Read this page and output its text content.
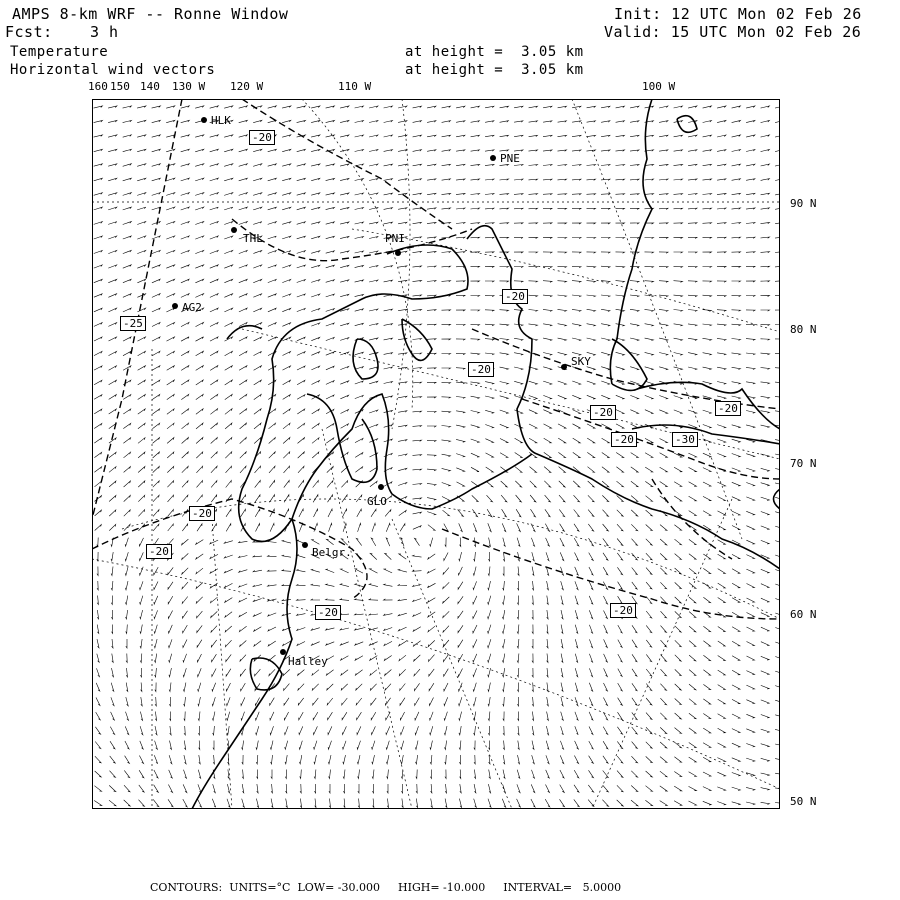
AMPS 8-km WRF -- Ronne Window
Fcst: 3 h
Init: 12 UTC Mon 02 Feb 26
Valid: 15 UTC Mon 02 Feb 26
Temperature	at height =  3.05 km
Horizontal wind vectors	at height =  3.05 km
160 150 140 130 W 120 W	110 W	100 W
90 N
80 N
70 N
60 N
50 N
HLK
PNE
THL	PNI
AG2
SKY
GLO
Belgr.
Halley
-20
-25
-20
-20
-20
-20
-20
-20
-20
-20	-30
-20
CONTOURS:  UNITS=°C  LOW= -30.000 HIGH= -10.000 INTERVAL=   5.0000
